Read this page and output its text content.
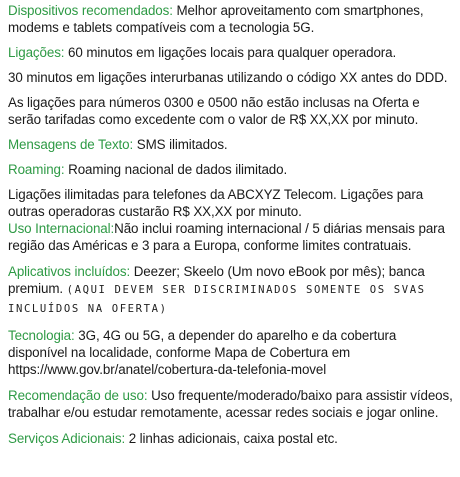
Dispositivos recomendados: Melhor aproveitamento com smartphones, modems e tablets compatíveis com a tecnologia 5G.

Ligações: 60 minutos em ligações locais para qualquer operadora.

30 minutos em ligações interurbanas utilizando o código XX antes do DDD.

As ligações para números 0300 e 0500 não estão inclusas na Oferta e serão tarifadas como excedente com o valor de R$ XX,XX por minuto.

Mensagens de Texto: SMS ilimitados.

Roaming: Roaming nacional de dados ilimitado.

Ligações ilimitadas para telefones da ABCXYZ Telecom. Ligações para outras operadoras custarão R$ XX,XX por minuto.

Uso Internacional:Não inclui roaming internacional / 5 diárias mensais para região das Américas e 3 para a Europa, conforme limites contratuais.

Aplicativos incluídos: Deezer; Skeelo (Um novo eBook por mês); banca premium. (AQUI DEVEM SER DISCRIMINADOS SOMENTE OS SVAS INCLUÍDOS NA OFERTA)

Tecnologia: 3G, 4G ou 5G, a depender do aparelho e da cobertura disponível na localidade, conforme Mapa de Cobertura em https://www.gov.br/anatel/cobertura-da-telefonia-movel

Recomendação de uso: Uso frequente/moderado/baixo para assistir vídeos, trabalhar e/ou estudar remotamente, acessar redes sociais e jogar online.

Serviços Adicionais: 2 linhas adicionais, caixa postal etc.
